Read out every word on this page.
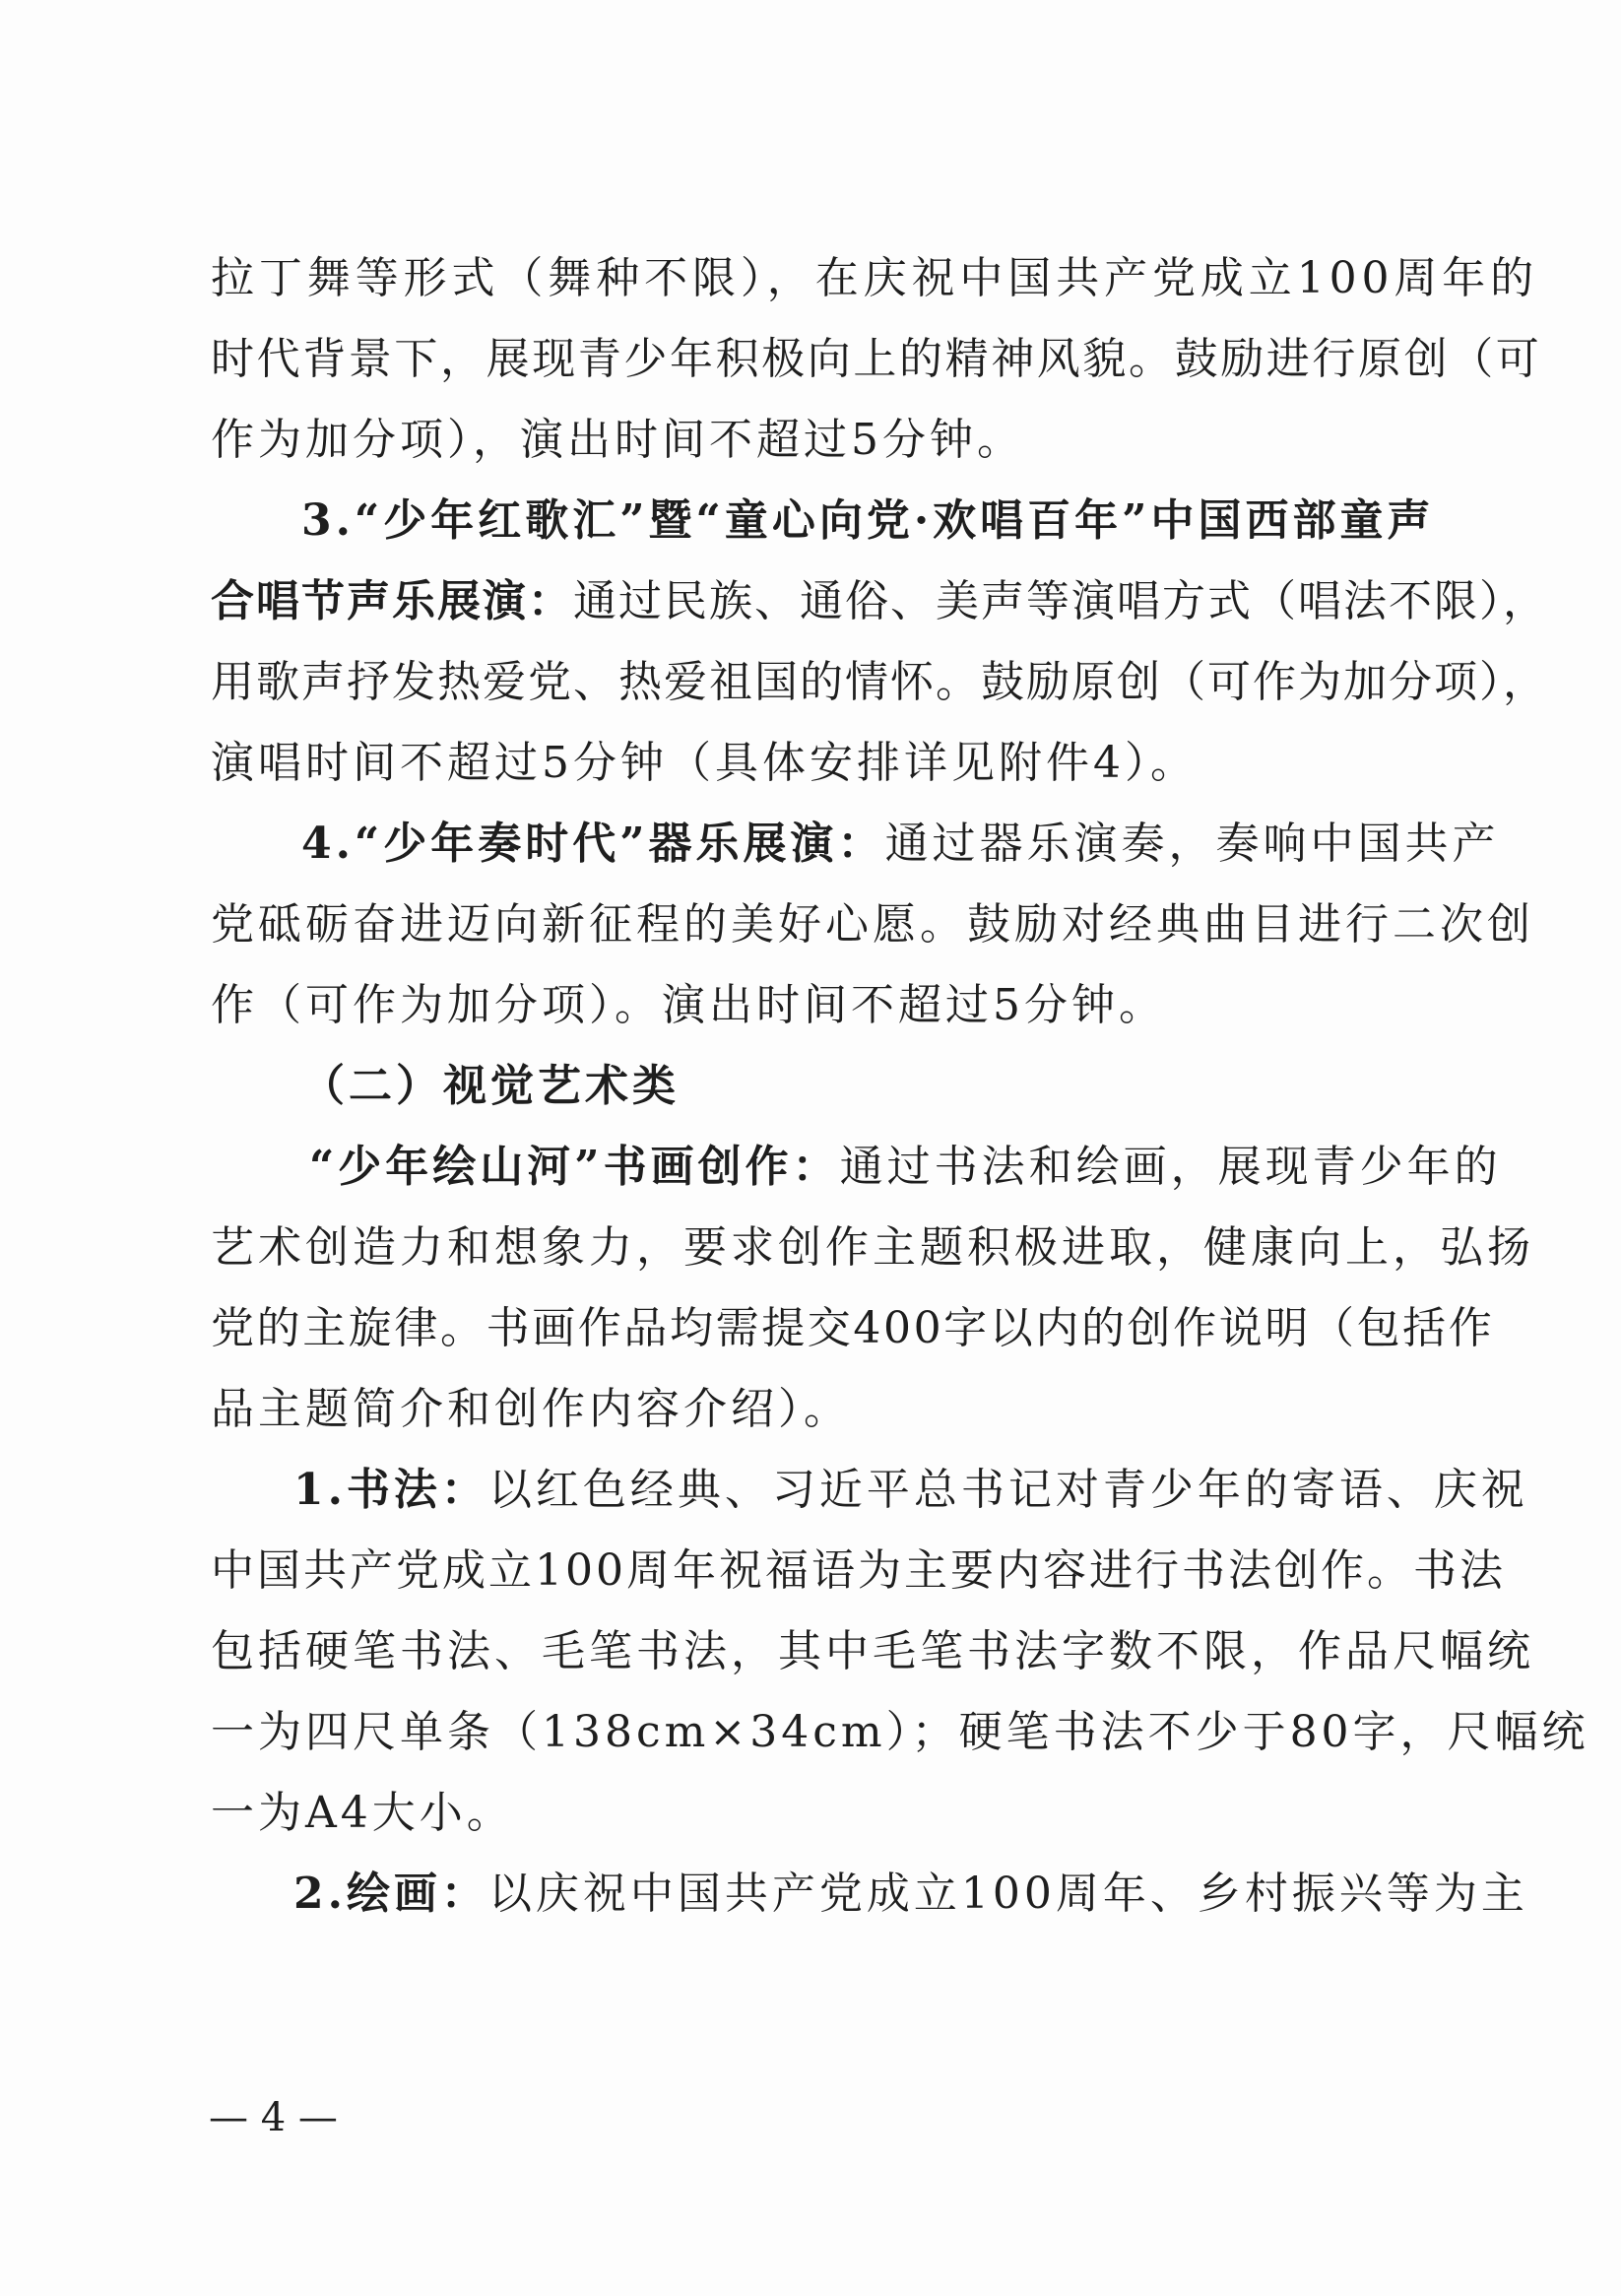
拉丁舞等形式（舞种不限），在庆祝中国共产党成立100周年的
时代背景下，展现青少年积极向上的精神风貌。鼓励进行原创（可
作为加分项），演出时间不超过5分钟。
3.“少年红歌汇”暨“童心向党·欢唱百年”中国西部童声
合唱节声乐展演：通过民族、通俗、美声等演唱方式（唱法不限），
用歌声抒发热爱党、热爱祖国的情怀。鼓励原创（可作为加分项），
演唱时间不超过5分钟（具体安排详见附件4）。
4.“少年奏时代”器乐展演：通过器乐演奏，奏响中国共产
党砥砺奋进迈向新征程的美好心愿。鼓励对经典曲目进行二次创
作（可作为加分项）。演出时间不超过5分钟。
（二）视觉艺术类
“少年绘山河”书画创作：通过书法和绘画，展现青少年的
艺术创造力和想象力，要求创作主题积极进取，健康向上，弘扬
党的主旋律。书画作品均需提交400字以内的创作说明（包括作
品主题简介和创作内容介绍）。
1.书法：以红色经典、习近平总书记对青少年的寄语、庆祝
中国共产党成立100周年祝福语为主要内容进行书法创作。书法
包括硬笔书法、毛笔书法，其中毛笔书法字数不限，作品尺幅统
一为四尺单条（138cm×34cm）；硬笔书法不少于80字，尺幅统
一为A4大小。
2.绘画：以庆祝中国共产党成立100周年、乡村振兴等为主
— 4 —
